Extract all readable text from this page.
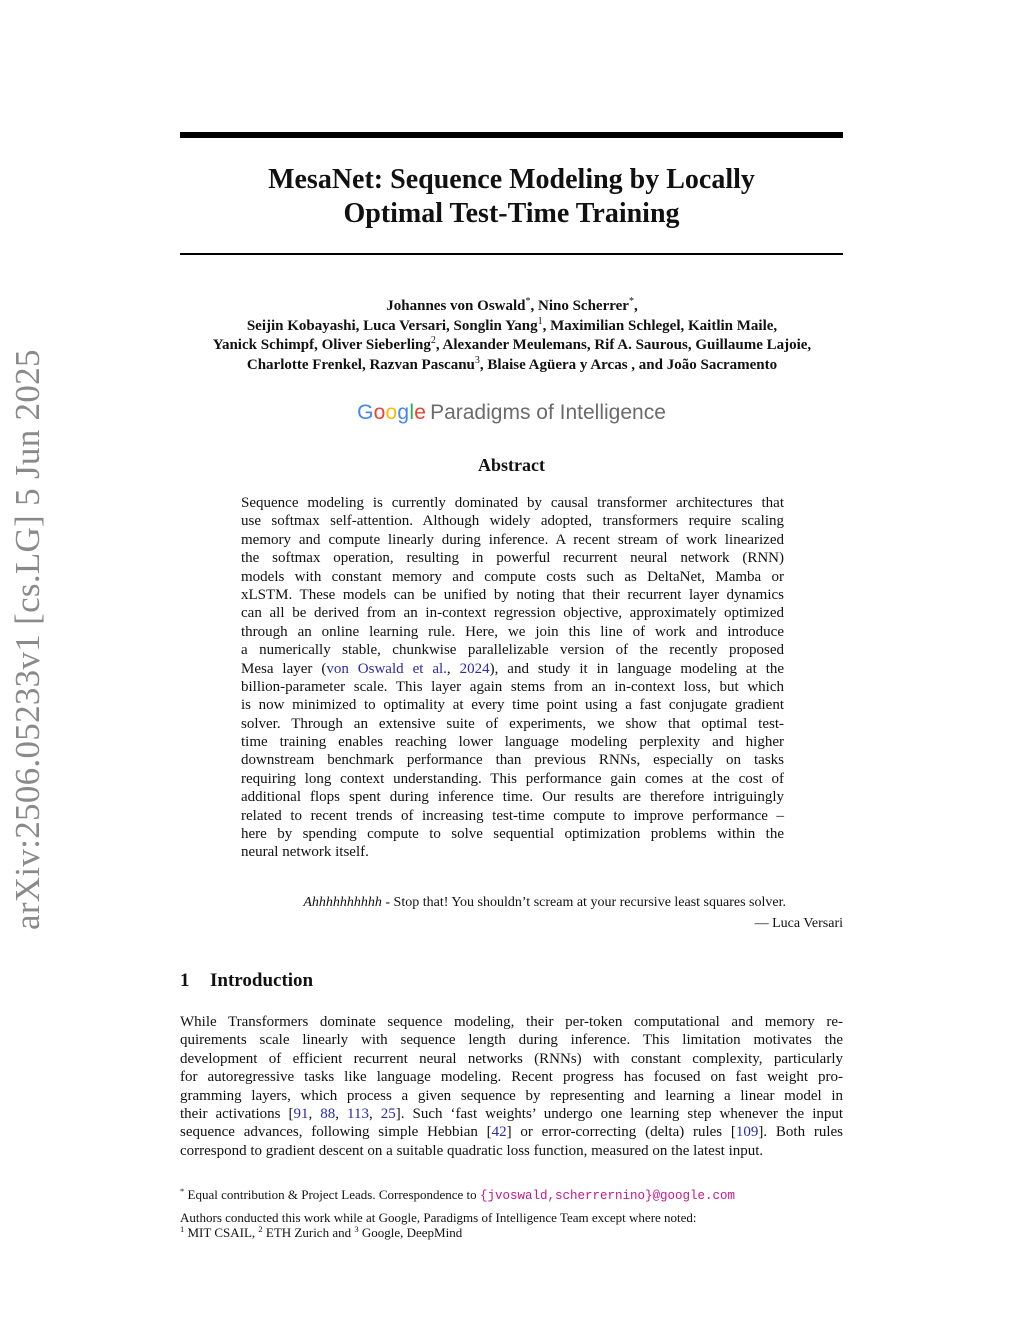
arXiv:2506.05233v1 [cs.LG] 5 Jun 2025
MesaNet: Sequence Modeling by Locally
Optimal Test-Time Training
Johannes von Oswald*, Nino Scherrer*,
Seijin Kobayashi, Luca Versari, Songlin Yang$^1$, Maximilian Schlegel, Kaitlin Maile,
Yanick Schimpf, Oliver Sieberling$^2$, Alexander Meulemans, Rif A. Saurous, Guillaume Lajoie,
Charlotte Frenkel, Razvan Pascanu$^3$, Blaise Agüera y Arcas , and João Sacramento
Google Paradigms of Intelligence
Abstract
Sequence modeling is currently dominated by causal transformer architectures that
use softmax self-attention. Although widely adopted, transformers require scaling
memory and compute linearly during inference. A recent stream of work linearized
the softmax operation, resulting in powerful recurrent neural network (RNN)
models with constant memory and compute costs such as DeltaNet, Mamba or
xLSTM. These models can be unified by noting that their recurrent layer dynamics
can all be derived from an in-context regression objective, approximately optimized
through an online learning rule. Here, we join this line of work and introduce
a numerically stable, chunkwise parallelizable version of the recently proposed
Mesa layer (von Oswald et al., 2024), and study it in language modeling at the
billion-parameter scale. This layer again stems from an in-context loss, but which
is now minimized to optimality at every time point using a fast conjugate gradient
solver. Through an extensive suite of experiments, we show that optimal test-
time training enables reaching lower language modeling perplexity and higher
downstream benchmark performance than previous RNNs, especially on tasks
requiring long context understanding. This performance gain comes at the cost of
additional flops spent during inference time. Our results are therefore intriguingly
related to recent trends of increasing test-time compute to improve performance –
here by spending compute to solve sequential optimization problems within the
neural network itself.
Ahhhhhhhhhh - Stop that! You shouldn’t scream at your recursive least squares solver.
— Luca Versari
1 Introduction
While Transformers dominate sequence modeling, their per-token computational and memory re-
quirements scale linearly with sequence length during inference. This limitation motivates the
development of efficient recurrent neural networks (RNNs) with constant complexity, particularly
for autoregressive tasks like language modeling. Recent progress has focused on fast weight pro-
gramming layers, which process a given sequence by representing and learning a linear model in
their activations [91, 88, 113, 25]. Such ‘fast weights’ undergo one learning step whenever the input
sequence advances, following simple Hebbian [42] or error-correcting (delta) rules [109]. Both rules
correspond to gradient descent on a suitable quadratic loss function, measured on the latest input.
* Equal contribution & Project Leads. Correspondence to {jvoswald,scherrernino}@google.com
Authors conducted this work while at Google, Paradigms of Intelligence Team except where noted:
$^1$ MIT CSAIL, $^2$ ETH Zurich and $^3$ Google, DeepMind
